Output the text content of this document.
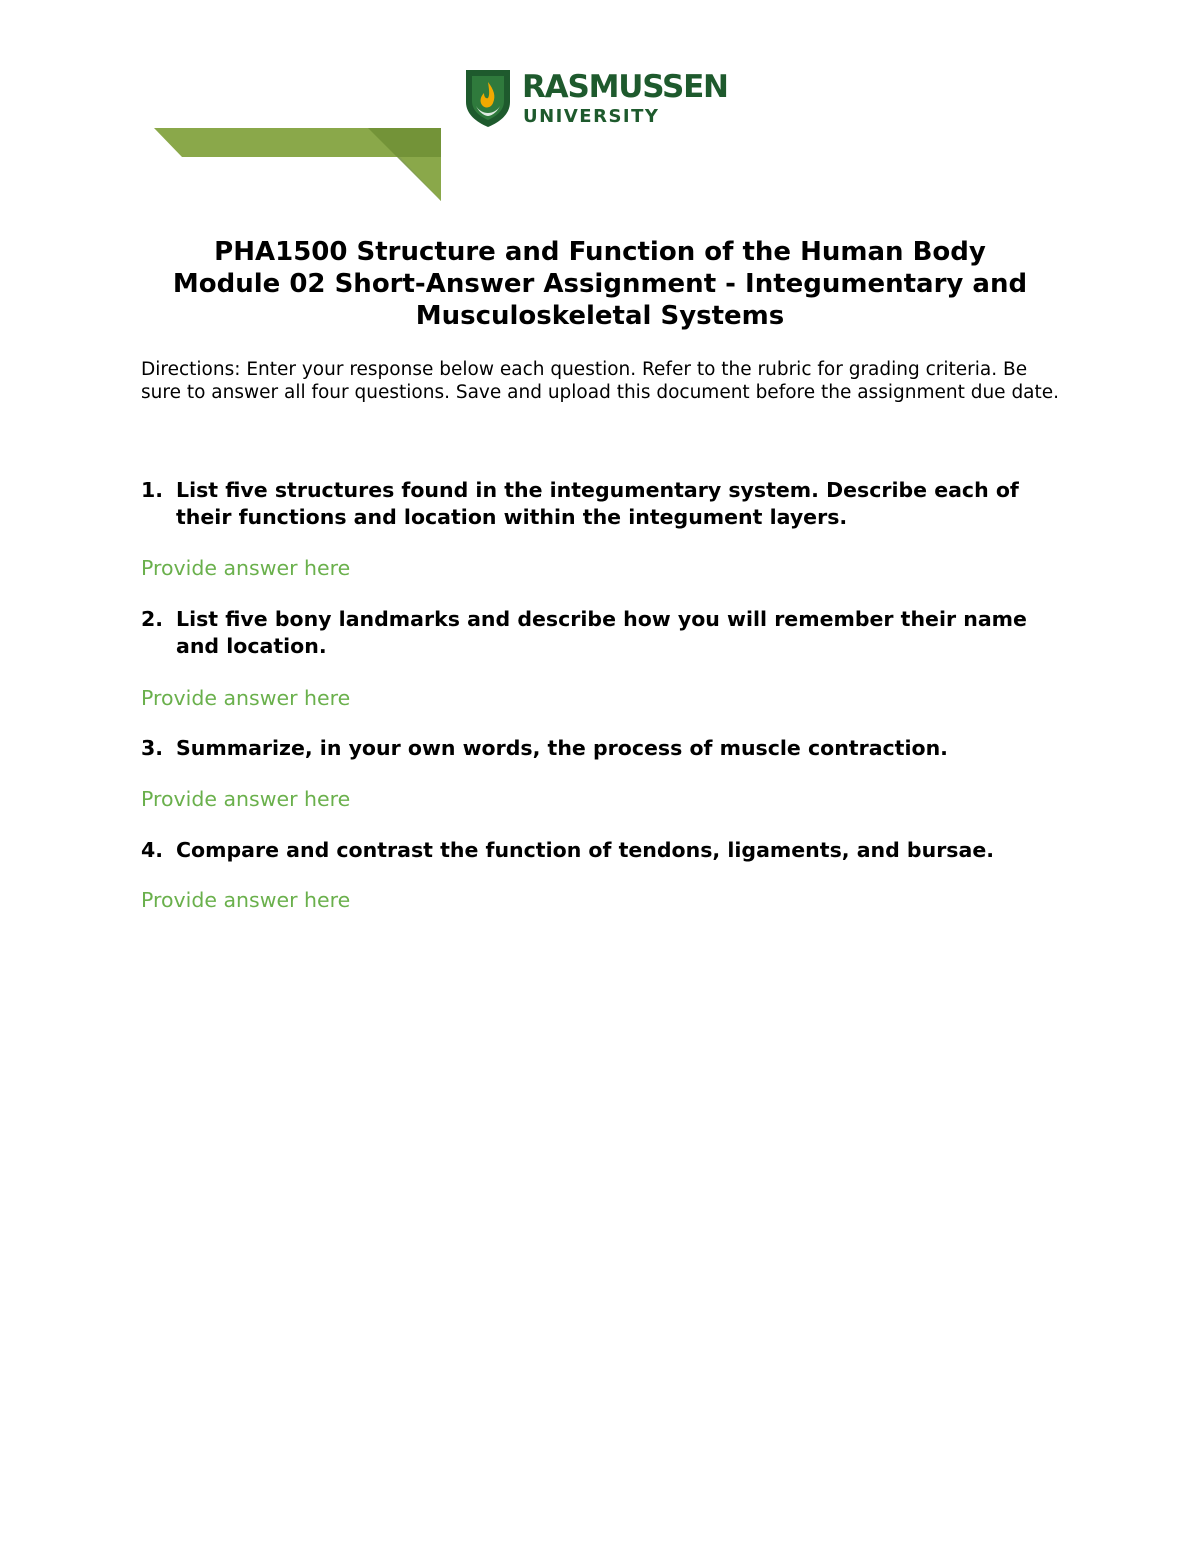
RASMUSSEN
UNIVERSITY
PHA1500 Structure and Function of the Human Body
Module 02 Short-Answer Assignment - Integumentary and
Musculoskeletal Systems

Directions: Enter your response below each question. Refer to the rubric for grading criteria. Be sure to answer all four questions. Save and upload this document before the assignment due date.

1. List five structures found in the integumentary system. Describe each of their functions and location within the integument layers.
Provide answer here
2. List five bony landmarks and describe how you will remember their name and location.
Provide answer here
3. Summarize, in your own words, the process of muscle contraction.
Provide answer here
4. Compare and contrast the function of tendons, ligaments, and bursae.
Provide answer here
